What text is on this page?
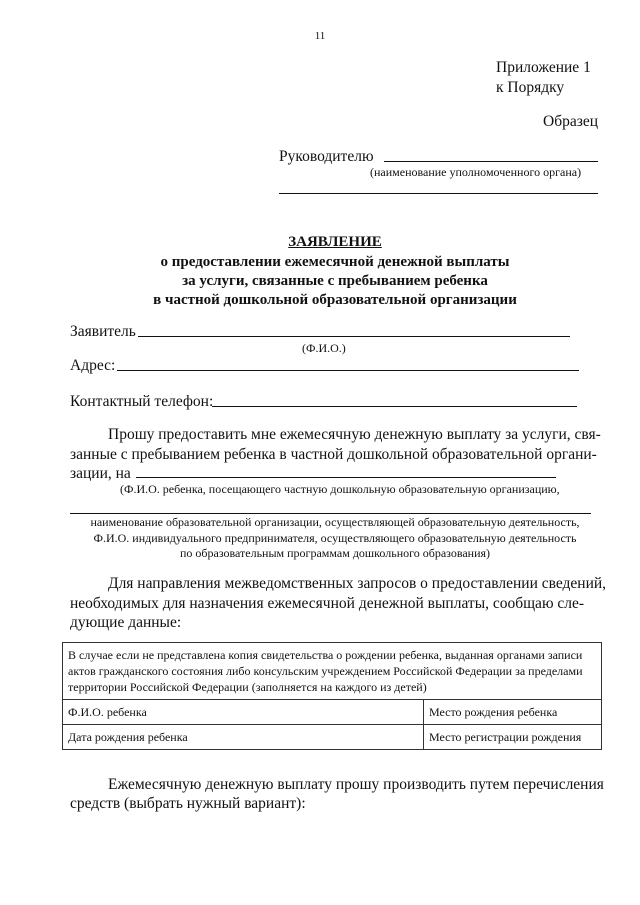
11
Приложение 1
к Порядку
Образец
Руководителю
(наименование уполномоченного органа)
ЗАЯВЛЕНИЕ
о предоставлении ежемесячной денежной выплаты
за услуги, связанные с пребыванием ребенка
в частной дошкольной образовательной организации
Заявитель
(Ф.И.О.)
Адрес:
Контактный телефон:
Прошу предоставить мне ежемесячную денежную выплату за услуги, свя-
занные с пребыванием ребенка в частной дошкольной образовательной органи-
зации, на
(Ф.И.О. ребенка, посещающего частную дошкольную образовательную организацию,
наименование образовательной организации, осуществляющей образовательную деятельность,
Ф.И.О. индивидуального предпринимателя, осуществляющего образовательную деятельность
по образовательным программам дошкольного образования)
Для направления межведомственных запросов о предоставлении сведений,
необходимых для назначения ежемесячной денежной выплаты, сообщаю сле-
дующие данные:
В случае если не представлена копия свидетельства о рождении ребенка, выданная органами записи актов гражданского состояния либо консульским учреждением Российской Федерации за пределами территории Российской Федерации (заполняется на каждого из детей)	
Ф.И.О. ребенка	Место рождения ребенка
Дата рождения ребенка	Место регистрации рождения
Ежемесячную денежную выплату прошу производить путем перечисления
средств (выбрать нужный вариант):
